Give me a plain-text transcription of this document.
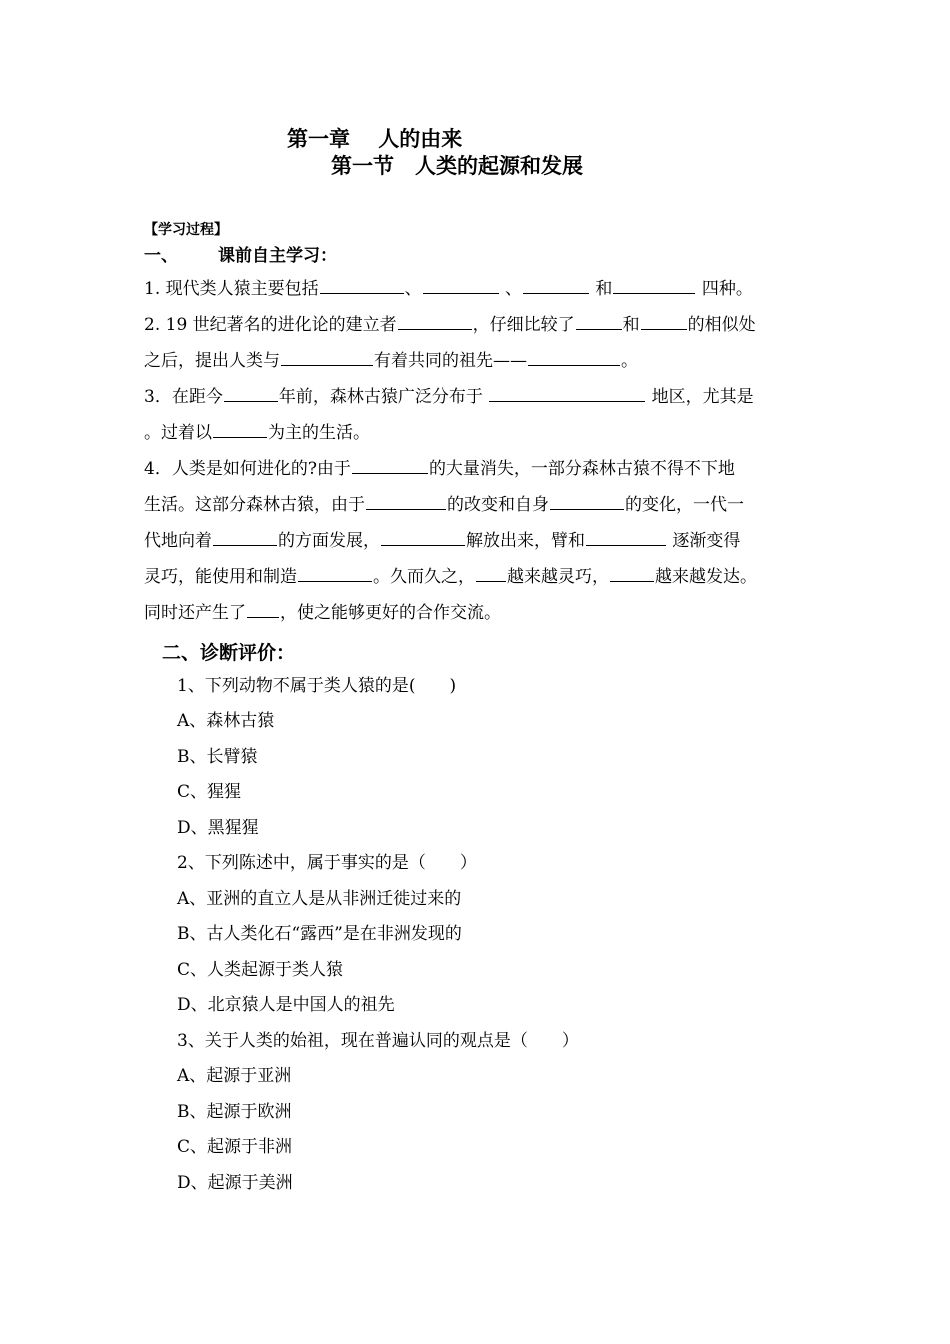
第一章　 人的由来
第一节　人类的起源和发展
【学习过程】
一、 课前自主学习：
1. 现代类人猿主要包括	、	、	和	四种。
2. 19 世纪著名的进化论的建立者	，仔细比较了	和	的相似处
之后，提出人类与	有着共同的祖先——	。
3．在距今	年前，森林古猿广泛分布于	地区，尤其是
。过着以	为主的生活。
4．人类是如何进化的?由于	的大量消失，一部分森林古猿不得不下地
生活。这部分森林古猿，由于	的改变和自身	的变化，一代一
代地向着	的方面发展，	解放出来，臂和	逐渐变得
灵巧，能使用和制造	。久而久之， 越来越灵巧，	越来越发达。
同时还产生了 ，使之能够更好的合作交流。
二、诊断评价：
1、下列动物不属于类人猿的是(　　)
A、森林古猿
B、长臂猿
C、猩猩
D、黑猩猩
2、下列陈述中，属于事实的是（　　）
A、亚洲的直立人是从非洲迁徙过来的
B、古人类化石“露西”是在非洲发现的
C、人类起源于类人猿
D、北京猿人是中国人的祖先
3、关于人类的始祖，现在普遍认同的观点是（　　）
A、起源于亚洲
B、起源于欧洲
C、起源于非洲
D、起源于美洲
